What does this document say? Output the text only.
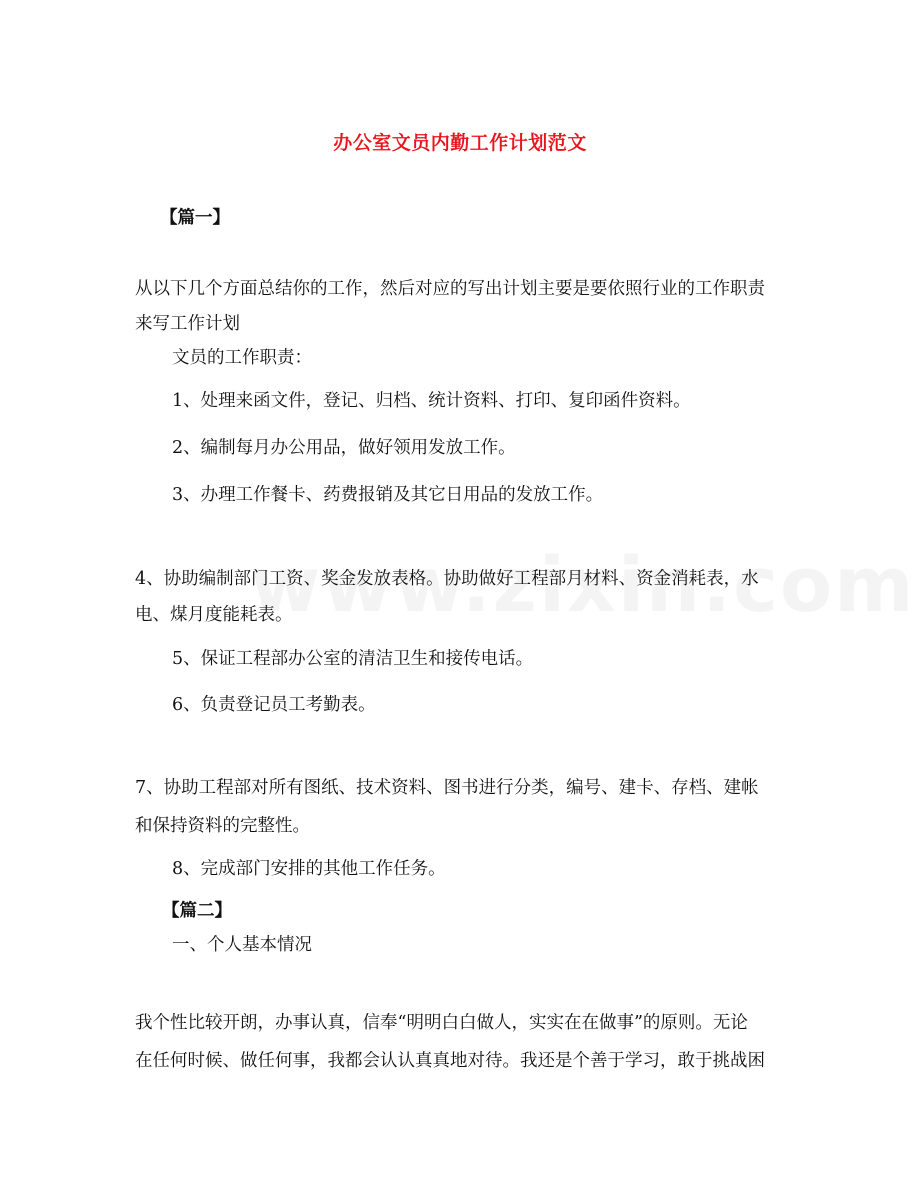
办公室文员内勤工作计划范文
【篇一】
从以下几个方面总结你的工作，然后对应的写出计划主要是要依照行业的工作职责
来写工作计划
文员的工作职责：
1、处理来函文件，登记、归档、统计资料、打印、复印函件资料。
2、编制每月办公用品，做好领用发放工作。
3、办理工作餐卡、药费报销及其它日用品的发放工作。
4、协助编制部门工资、奖金发放表格。协助做好工程部月材料、资金消耗表，水
电、煤月度能耗表。
5、保证工程部办公室的清洁卫生和接传电话。
6、负责登记员工考勤表。
7、协助工程部对所有图纸、技术资料、图书进行分类，编号、建卡、存档、建帐
和保持资料的完整性。
8、完成部门安排的其他工作任务。
【篇二】
一、个人基本情况
我个性比较开朗，办事认真，信奉“明明白白做人，实实在在做事”的原则。无论
在任何时候、做任何事，我都会认认真真地对待。我还是个善于学习，敢于挑战困
